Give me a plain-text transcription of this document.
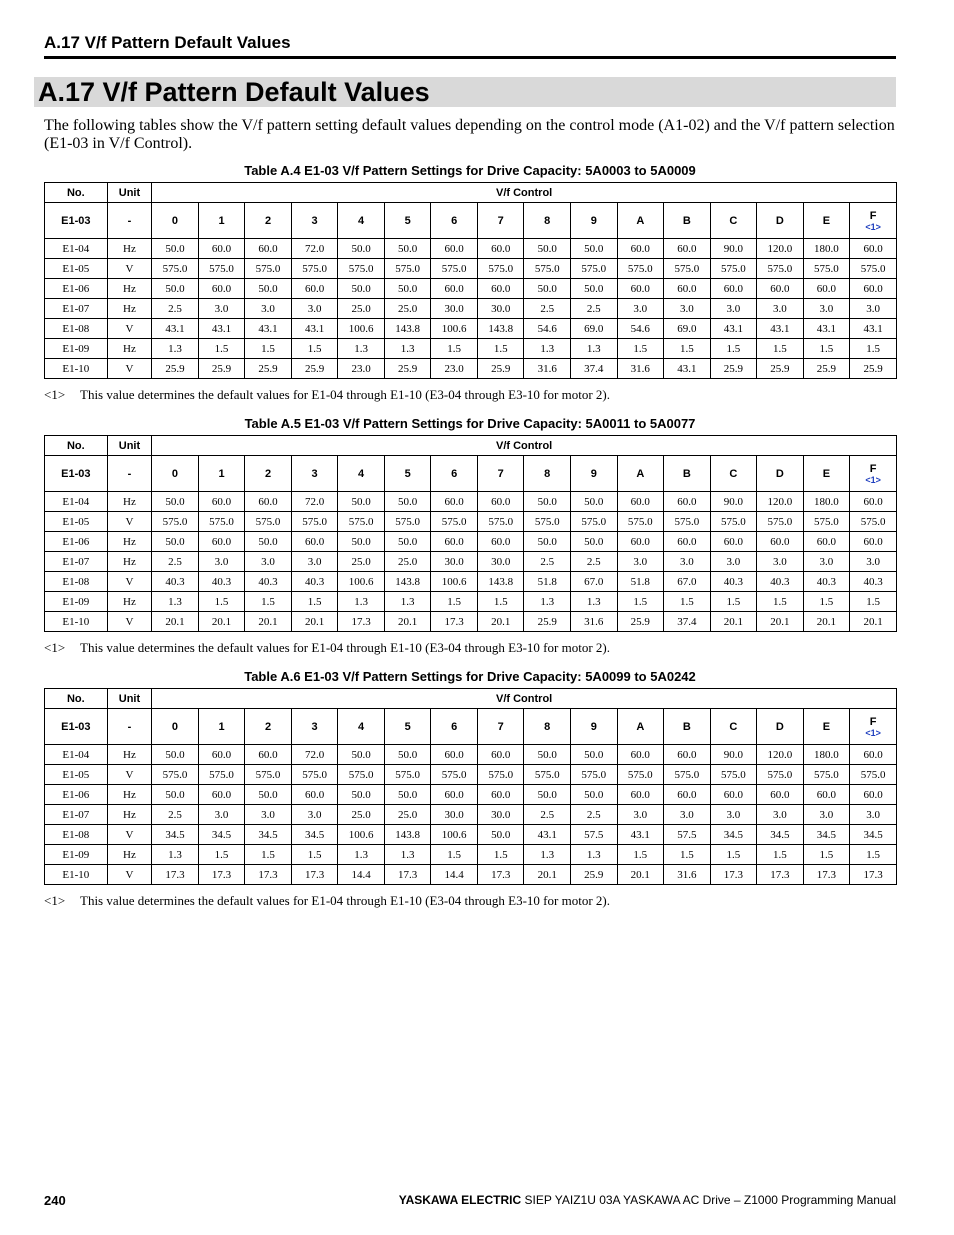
A.17 V/f Pattern Default Values
A.17 V/f Pattern Default Values
The following tables show the V/f pattern setting default values depending on the control mode (A1-02) and the V/f pattern selection (E1-03 in V/f Control).
Table A.4 E1-03 V/f Pattern Settings for Drive Capacity: 5A0003 to 5A0009
No.	Unit	V/f Control															
E1-03	-	0	1	2	3	4	5	6	7	8	9	A	B	C	D	E	F
<1>

E1-04	Hz	50.0	60.0	60.0	72.0	50.0	50.0	60.0	60.0	50.0	50.0	60.0	60.0	90.0	120.0	180.0	60.0
E1-05	V	575.0	575.0	575.0	575.0	575.0	575.0	575.0	575.0	575.0	575.0	575.0	575.0	575.0	575.0	575.0	575.0
E1-06	Hz	50.0	60.0	50.0	60.0	50.0	50.0	60.0	60.0	50.0	50.0	60.0	60.0	60.0	60.0	60.0	60.0
E1-07	Hz	2.5	3.0	3.0	3.0	25.0	25.0	30.0	30.0	2.5	2.5	3.0	3.0	3.0	3.0	3.0	3.0
E1-08	V	43.1	43.1	43.1	43.1	100.6	143.8	100.6	143.8	54.6	69.0	54.6	69.0	43.1	43.1	43.1	43.1
E1-09	Hz	1.3	1.5	1.5	1.5	1.3	1.3	1.5	1.5	1.3	1.3	1.5	1.5	1.5	1.5	1.5	1.5
E1-10	V	25.9	25.9	25.9	25.9	23.0	25.9	23.0	25.9	31.6	37.4	31.6	43.1	25.9	25.9	25.9	25.9
<1> This value determines the default values for E1-04 through E1-10 (E3-04 through E3-10 for motor 2).
Table A.5 E1-03 V/f Pattern Settings for Drive Capacity: 5A0011 to 5A0077
No.	Unit	V/f Control															
E1-03	-	0	1	2	3	4	5	6	7	8	9	A	B	C	D	E	F
<1>

E1-04	Hz	50.0	60.0	60.0	72.0	50.0	50.0	60.0	60.0	50.0	50.0	60.0	60.0	90.0	120.0	180.0	60.0
E1-05	V	575.0	575.0	575.0	575.0	575.0	575.0	575.0	575.0	575.0	575.0	575.0	575.0	575.0	575.0	575.0	575.0
E1-06	Hz	50.0	60.0	50.0	60.0	50.0	50.0	60.0	60.0	50.0	50.0	60.0	60.0	60.0	60.0	60.0	60.0
E1-07	Hz	2.5	3.0	3.0	3.0	25.0	25.0	30.0	30.0	2.5	2.5	3.0	3.0	3.0	3.0	3.0	3.0
E1-08	V	40.3	40.3	40.3	40.3	100.6	143.8	100.6	143.8	51.8	67.0	51.8	67.0	40.3	40.3	40.3	40.3
E1-09	Hz	1.3	1.5	1.5	1.5	1.3	1.3	1.5	1.5	1.3	1.3	1.5	1.5	1.5	1.5	1.5	1.5
E1-10	V	20.1	20.1	20.1	20.1	17.3	20.1	17.3	20.1	25.9	31.6	25.9	37.4	20.1	20.1	20.1	20.1
<1> This value determines the default values for E1-04 through E1-10 (E3-04 through E3-10 for motor 2).
Table A.6 E1-03 V/f Pattern Settings for Drive Capacity: 5A0099 to 5A0242
No.	Unit	V/f Control															
E1-03	-	0	1	2	3	4	5	6	7	8	9	A	B	C	D	E	F
<1>

E1-04	Hz	50.0	60.0	60.0	72.0	50.0	50.0	60.0	60.0	50.0	50.0	60.0	60.0	90.0	120.0	180.0	60.0
E1-05	V	575.0	575.0	575.0	575.0	575.0	575.0	575.0	575.0	575.0	575.0	575.0	575.0	575.0	575.0	575.0	575.0
E1-06	Hz	50.0	60.0	50.0	60.0	50.0	50.0	60.0	60.0	50.0	50.0	60.0	60.0	60.0	60.0	60.0	60.0
E1-07	Hz	2.5	3.0	3.0	3.0	25.0	25.0	30.0	30.0	2.5	2.5	3.0	3.0	3.0	3.0	3.0	3.0
E1-08	V	34.5	34.5	34.5	34.5	100.6	143.8	100.6	50.0	43.1	57.5	43.1	57.5	34.5	34.5	34.5	34.5
E1-09	Hz	1.3	1.5	1.5	1.5	1.3	1.3	1.5	1.5	1.3	1.3	1.5	1.5	1.5	1.5	1.5	1.5
E1-10	V	17.3	17.3	17.3	17.3	14.4	17.3	14.4	17.3	20.1	25.9	20.1	31.6	17.3	17.3	17.3	17.3
<1> This value determines the default values for E1-04 through E1-10 (E3-04 through E3-10 for motor 2).
240	YASKAWA ELECTRIC SIEP YAIZ1U 03A YASKAWA AC Drive – Z1000 Programming Manual
